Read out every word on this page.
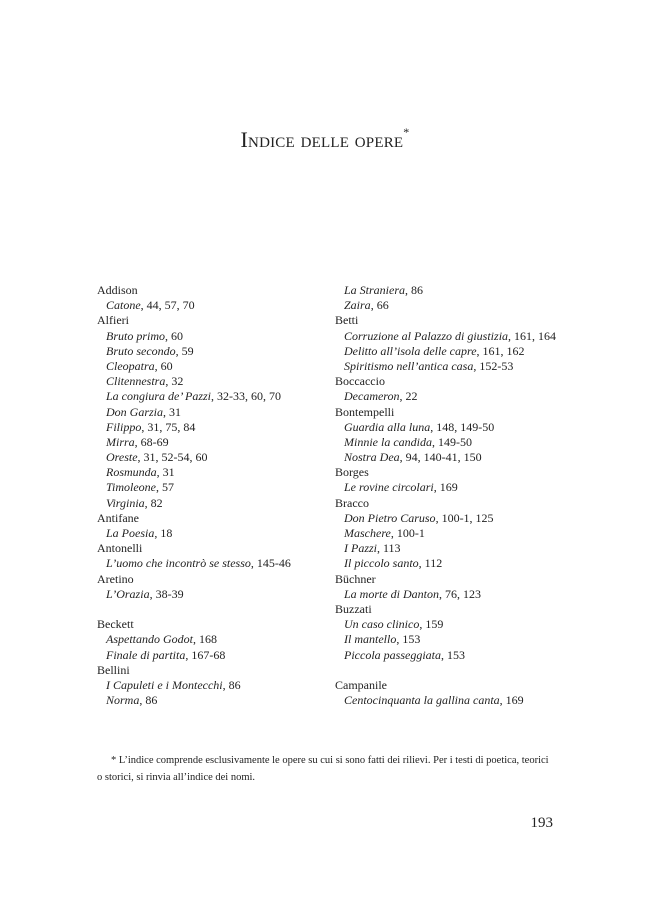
Indice delle opere*
Addison
Catone, 44, 57, 70
Alfieri
Bruto primo, 60
Bruto secondo, 59
Cleopatra, 60
Clitennestra, 32
La congiura de’ Pazzi, 32-33, 60, 70
Don Garzia, 31
Filippo, 31, 75, 84
Mirra, 68-69
Oreste, 31, 52-54, 60
Rosmunda, 31
Timoleone, 57
Virginia, 82
Antifane
La Poesia, 18
Antonelli
L’uomo che incontrò se stesso, 145-46
Aretino
L’Orazia, 38-39
Beckett
Aspettando Godot, 168
Finale di partita, 167-68
Bellini
I Capuleti e i Montecchi, 86
Norma, 86
La Straniera, 86
Zaira, 66
Betti
Corruzione al Palazzo di giustizia, 161, 164
Delitto all’isola delle capre, 161, 162
Spiritismo nell’antica casa, 152-53
Boccaccio
Decameron, 22
Bontempelli
Guardia alla luna, 148, 149-50
Minnie la candida, 149-50
Nostra Dea, 94, 140-41, 150
Borges
Le rovine circolari, 169
Bracco
Don Pietro Caruso, 100-1, 125
Maschere, 100-1
I Pazzi, 113
Il piccolo santo, 112
Büchner
La morte di Danton, 76, 123
Buzzati
Un caso clinico, 159
Il mantello, 153
Piccola passeggiata, 153
Campanile
Centocinquanta la gallina canta, 169

* L’indice comprende esclusivamente le opere su cui si sono fatti dei rilievi. Per i testi di poetica, teorici o storici, si rinvia all’indice dei nomi.

193
